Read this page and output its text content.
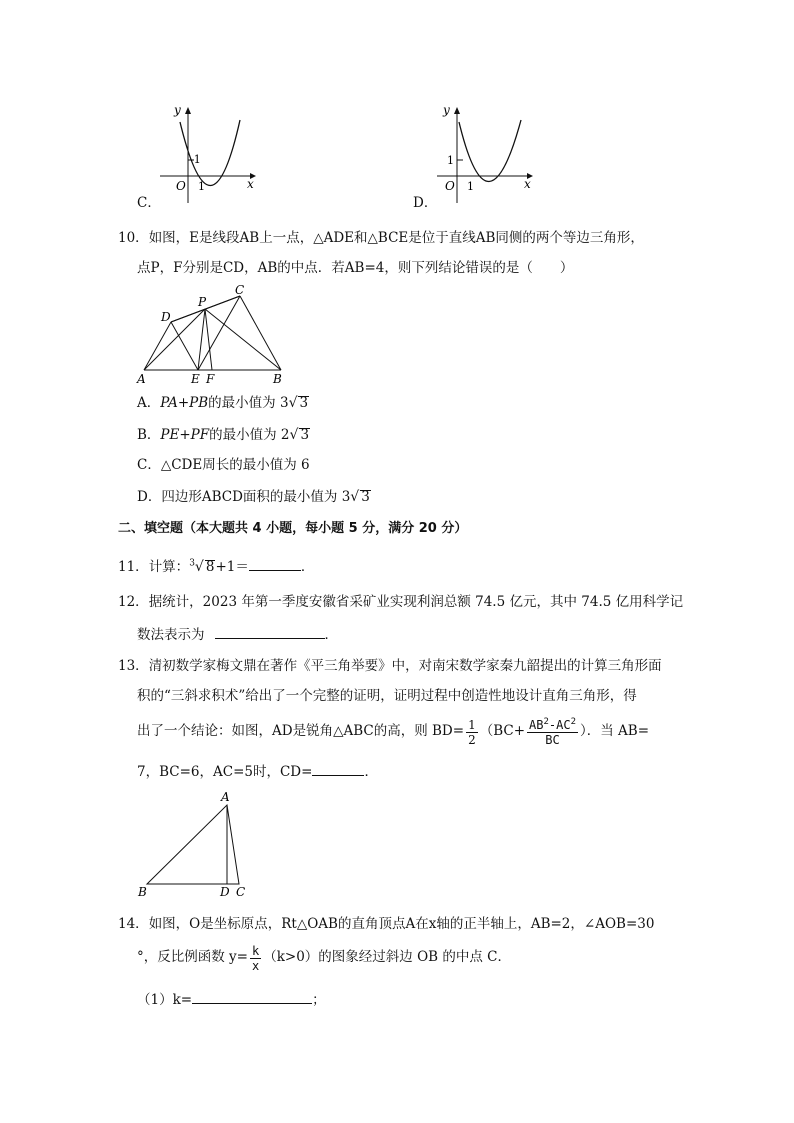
y
-1
O 1	x
C．
y
1
O 1	x
D．
10．如图，E是线段AB上一点，△ADE和△BCE是位于直线AB同侧的两个等边三角形，
点P，F分别是CD，AB的中点．若AB=4，则下列结论错误的是（　　）
A	E F	B
D
P
C
A．PA+PB的最小值为 3√ 3
B．PE+PF的最小值为 2√ 3
C．△CDE周长的最小值为 6
D．四边形ABCD面积的最小值为 3√ 3
二、填空题（本大题共 4 小题，每小题 5 分，满分 20 分）
11．计算：$^3$√ 8+1＝	．
12．据统计，2023 年第一季度安徽省采矿业实现利润总额 74.5 亿元，其中 74.5 亿用科学记
数法表示为	．
13．清初数学家梅文鼎在著作《平三角举要》中，对南宋数学家秦九韶提出的计算三角形面
积的“三斜求积术”给出了一个完整的证明，证明过程中创造性地设计直角三角形，得
出了一个结论：如图，AD是锐角△ABC的高，则 $BD= \frac{1}{2} (BC+ \frac{AB^2-AC^2}{BC}$ ）．当 AB=
7，BC=6，AC=5时，CD=	．
A
B	D C
14．如图，O是坐标原点，Rt△OAB的直角顶点A在x轴的正半轴上，AB=2，∠AOB=30
°，反比例函数 $y= \frac{k}{x} (k>0)$的图象经过斜边 OB 的中点 C．
（1）k=	；
